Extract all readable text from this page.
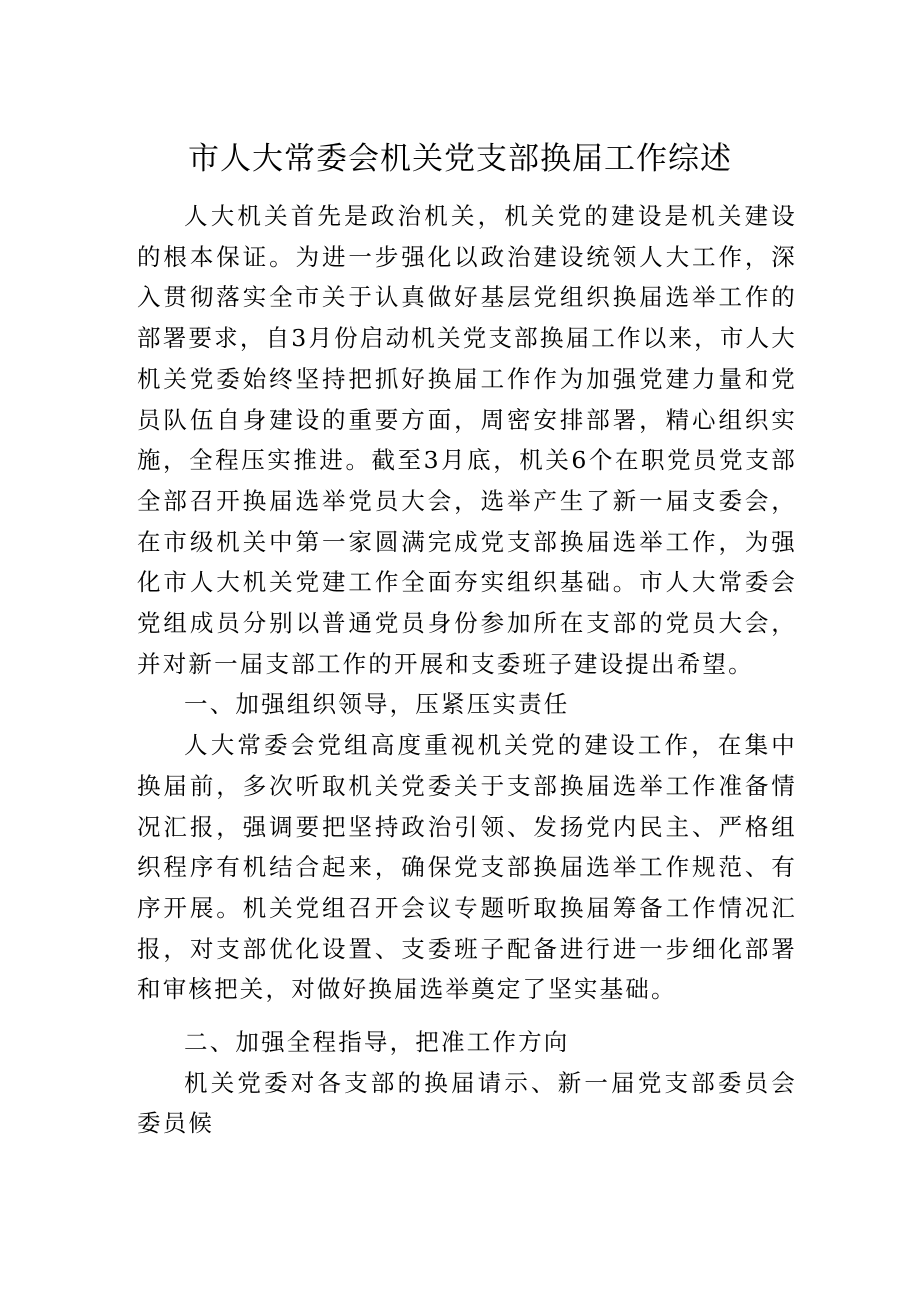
市人大常委会机关党支部换届工作综述

人大机关首先是政治机关，机关党的建设是机关建设的根本保证。为进一步强化以政治建设统领人大工作，深入贯彻落实全市关于认真做好基层党组织换届选举工作的部署要求，自3月份启动机关党支部换届工作以来，市人大机关党委始终坚持把抓好换届工作作为加强党建力量和党员队伍自身建设的重要方面，周密安排部署，精心组织实施，全程压实推进。截至3月底，机关6个在职党员党支部全部召开换届选举党员大会，选举产生了新一届支委会，在市级机关中第一家圆满完成党支部换届选举工作，为强化市人大机关党建工作全面夯实组织基础。市人大常委会党组成员分别以普通党员身份参加所在支部的党员大会，并对新一届支部工作的开展和支委班子建设提出希望。

一、加强组织领导，压紧压实责任

人大常委会党组高度重视机关党的建设工作，在集中换届前，多次听取机关党委关于支部换届选举工作准备情况汇报，强调要把坚持政治引领、发扬党内民主、严格组织程序有机结合起来，确保党支部换届选举工作规范、有序开展。机关党组召开会议专题听取换届筹备工作情况汇报，对支部优化设置、支委班子配备进行进一步细化部署和审核把关，对做好换届选举奠定了坚实基础。

二、加强全程指导，把准工作方向

机关党委对各支部的换届请示、新一届党支部委员会委员候
